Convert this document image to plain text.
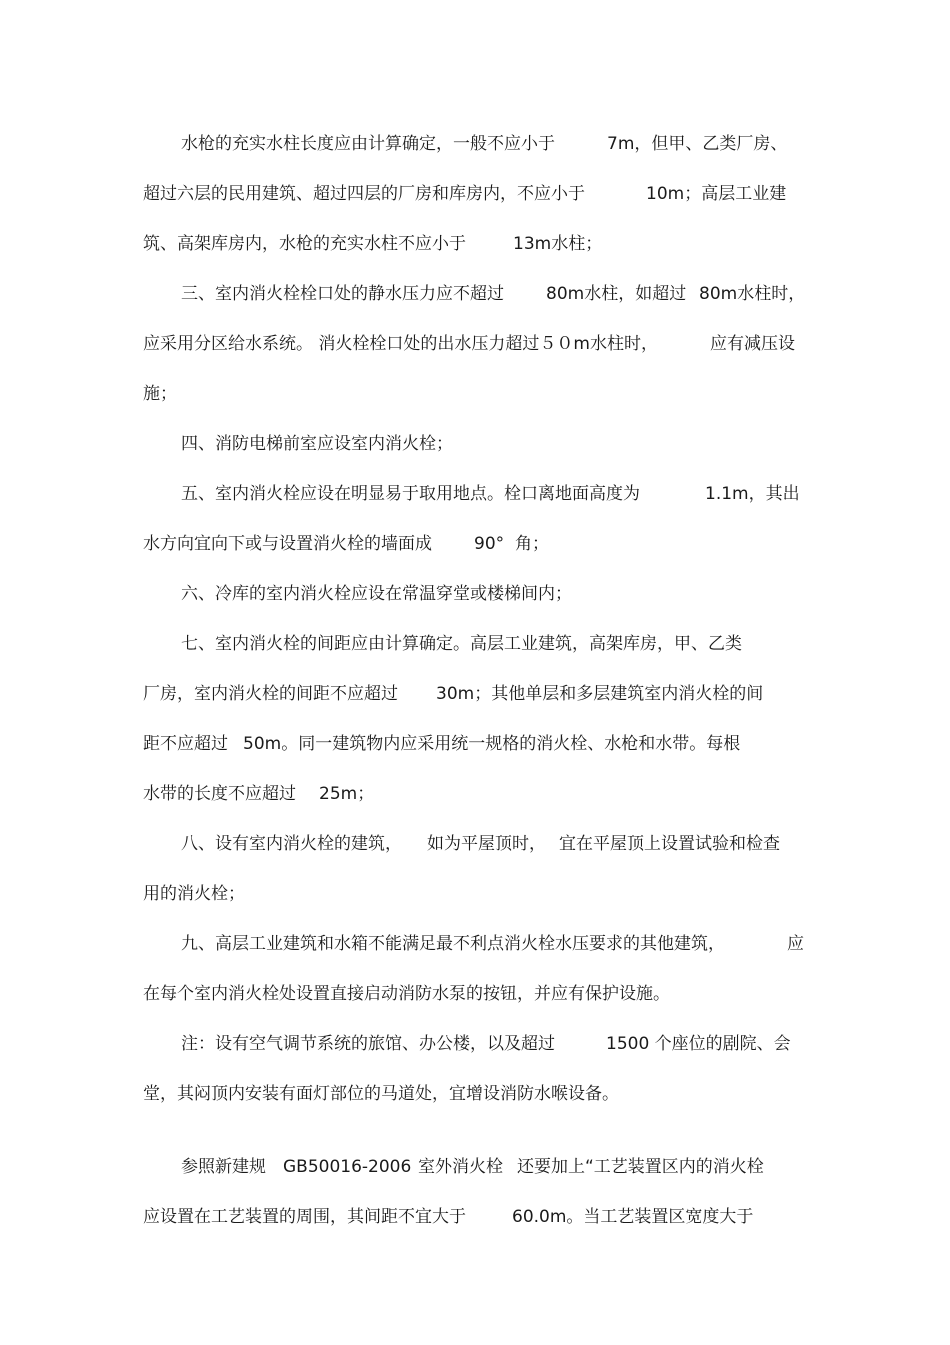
水枪的充实水柱长度应由计算确定，一般不应小于

	7m，但甲、乙类厂房、

超过六层的民用建筑、超过四层的厂房和库房内，不应小于

	10m；高层工业建

筑、高架库房内，水枪的充实水柱不应小于

	13m水柱；

三、室内消火栓栓口处的静水压力应不超过

80m水柱，如超过

80m水柱时，

应采用分区给水系统。 消火栓栓口处的出水压力超过５０m水柱时，

	应有减压设

施；

四、消防电梯前室应设室内消火栓；

五、室内消火栓应设在明显易于取用地点。栓口离地面高度为

	1.1m，其出

水方向宜向下或与设置消火栓的墙面成

90°  角；

六、冷库的室内消火栓应设在常温穿堂或楼梯间内；

七、室内消火栓的间距应由计算确定。高层工业建筑，高架库房，甲、乙类

厂房，室内消火栓的间距不应超过

30m；其他单层和多层建筑室内消火栓的间

距不应超过

50m。同一建筑物内应采用统一规格的消火栓、水枪和水带。每根

水带的长度不应超过

25m；

八、设有室内消火栓的建筑，

如为平屋顶时，

宜在平屋顶上设置试验和检查

用的消火栓；

九、高层工业建筑和水箱不能满足最不利点消火栓水压要求的其他建筑，

	应

在每个室内消火栓处设置直接启动消防水泵的按钮，并应有保护设施。

注：设有空气调节系统的旅馆、办公楼，以及超过

	1500 个座位的剧院、会

堂，其闷顶内安装有面灯部位的马道处，宜增设消防水喉设备。

参照新建规

GB50016-2006

室外消火栓

还要加上“工艺装置区内的消火栓

应设置在工艺装置的周围，其间距不宜大于

	60.0m。当工艺装置区宽度大于
